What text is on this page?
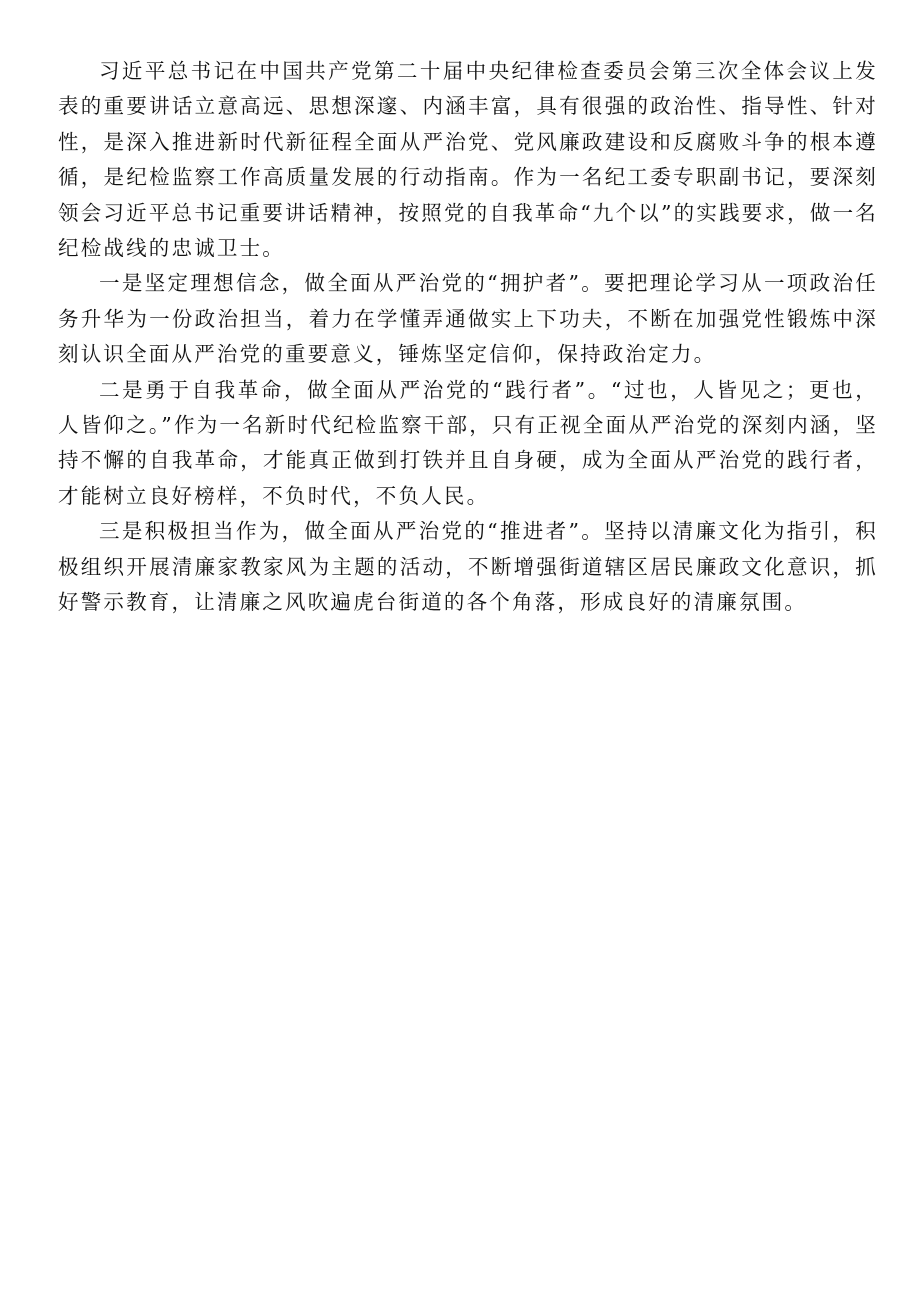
习近平总书记在中国共产党第二十届中央纪律检查委员会第三次全体会议上发表的重要讲话立意高远、思想深邃、内涵丰富，具有很强的政治性、指导性、针对性，是深入推进新时代新征程全面从严治党、党风廉政建设和反腐败斗争的根本遵循，是纪检监察工作高质量发展的行动指南。作为一名纪工委专职副书记，要深刻领会习近平总书记重要讲话精神，按照党的自我革命“九个以”的实践要求，做一名纪检战线的忠诚卫士。

一是坚定理想信念，做全面从严治党的“拥护者”。要把理论学习从一项政治任务升华为一份政治担当，着力在学懂弄通做实上下功夫，不断在加强党性锻炼中深刻认识全面从严治党的重要意义，锤炼坚定信仰，保持政治定力。

二是勇于自我革命，做全面从严治党的“践行者”。“过也，人皆见之；更也，人皆仰之。”作为一名新时代纪检监察干部，只有正视全面从严治党的深刻内涵，坚持不懈的自我革命，才能真正做到打铁并且自身硬，成为全面从严治党的践行者，才能树立良好榜样，不负时代，不负人民。

三是积极担当作为，做全面从严治党的“推进者”。坚持以清廉文化为指引，积极组织开展清廉家教家风为主题的活动，不断增强街道辖区居民廉政文化意识，抓好警示教育，让清廉之风吹遍虎台街道的各个角落，形成良好的清廉氛围。
